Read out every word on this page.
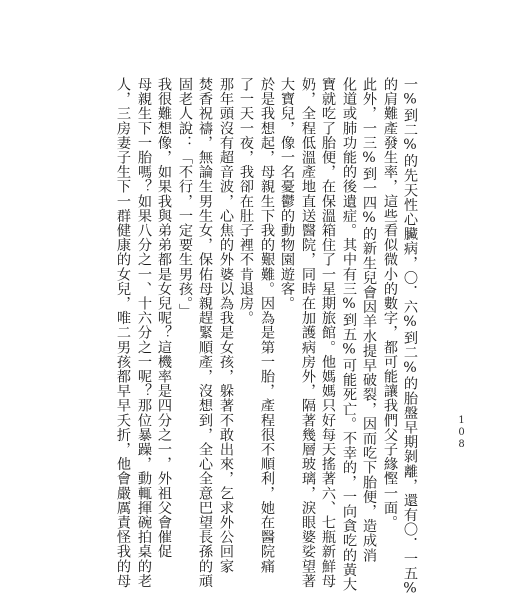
一%到二%的先天性心臟病，〇．六%到二%的胎盤早期剝離，還有〇．一五%
的肩難產發生率，這些看似微小的數字，都可能讓我們父子緣慳一面。
此外，一三%到一四%的新生兒會因羊水提早破裂，因而吃下胎便，造成消
化道或肺功能的後遺症。其中有三%到五%可能死亡。不幸的，一向貪吃的黃大
寶就吃了胎便，在保溫箱住了一星期旅館。他媽媽只好每天搖著六、七瓶新鮮母
奶，全程低溫產地直送醫院，同時在加護病房外，隔著幾層玻璃，淚眼婆娑望著
大寶兒，像一名憂鬱的動物園遊客。
於是我想起，母親生下我的艱難。因為是第一胎，產程很不順利，她在醫院痛
了一天一夜，我卻在肚子裡不肯退房。
那年頭沒有超音波，心焦的外婆以為我是女孩，躲著不敢出來，乞求外公回家
焚香祝禱，無論生男生女，保佑母親趕緊順產，沒想到，全心全意巴望長孫的頑
固老人說：「不行，一定要生男孩。」
我很難想像，如果我與弟弟都是女兒呢？這機率是四分之一，外祖父會催促
母親生下一胎嗎？如果八分之一、十六分之一呢？那位暴躁，動輒揮碗拍桌的老
人，三房妻子生下一群健康的女兒，唯二男孩都早早夭折，他會嚴厲責怪我的母	108
